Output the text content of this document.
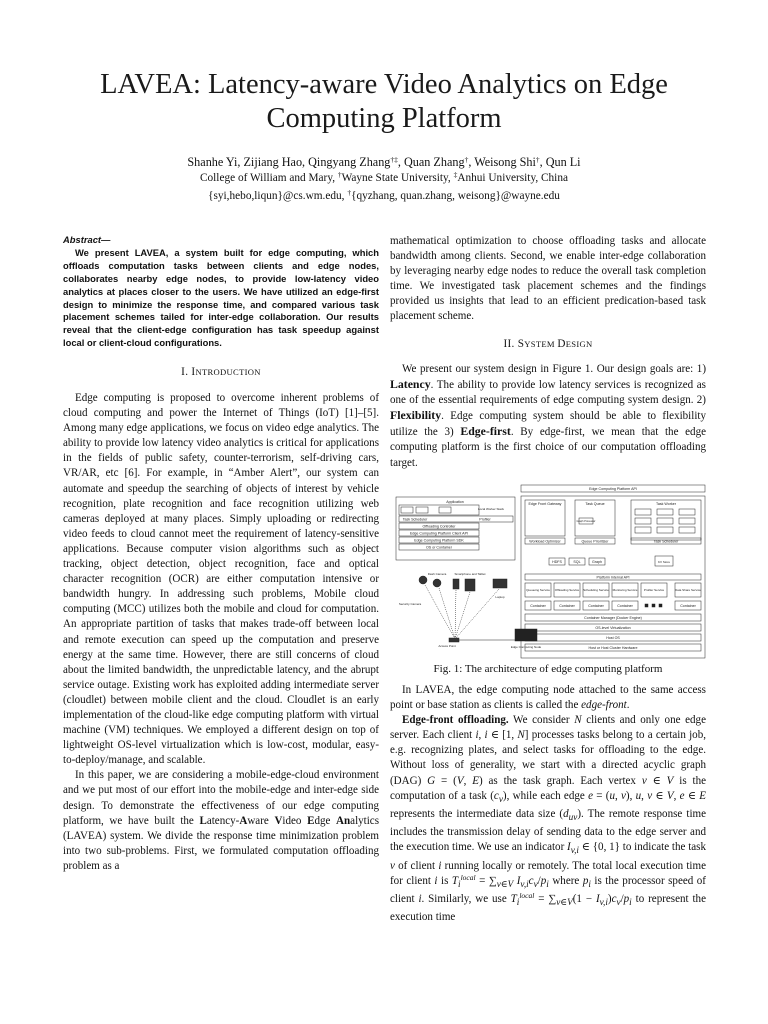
LAVEA: Latency-aware Video Analytics on Edge
Computing Platform
Shanhe Yi, Zijiang Hao, Qingyang Zhang†‡, Quan Zhang†, Weisong Shi†, Qun Li
College of William and Mary, †Wayne State University, ‡Anhui University, China
{syi,hebo,liqun}@cs.wm.edu, †{qyzhang, quan.zhang, weisong}@wayne.edu
Abstract—
We present LAVEA, a system built for edge computing, which offloads computation tasks between clients and edge nodes, collaborates nearby edge nodes, to provide low-latency video analytics at places closer to the users. We have utilized an edge-first design to minimize the response time, and compared various task placement schemes tailed for inter-edge collaboration. Our results reveal that the client-edge configuration has task speedup against local or client-cloud configurations.
I. INTRODUCTION

Edge computing is proposed to overcome inherent problems of cloud computing and power the Internet of Things (IoT) [1]–[5]. Among many edge applications, we focus on video edge analytics. The ability to provide low latency video analytics is critical for applications in the fields of public safety, counter-terrorism, self-driving cars, VR/AR, etc [6]. For example, in “Amber Alert”, our system can automate and speedup the searching of objects of interest by vehicle recognition, plate recognition and face recognition utilizing web cameras deployed at many places. Simply uploading or redirecting video feeds to cloud cannot meet the requirement of latency-sensitive applications. Because computer vision algorithms such as object tracking, object detection, object recognition, face and optical character recognition (OCR) are either computation intensive or bandwidth hungry. In addressing such problems, Mobile cloud computing (MCC) utilizes both the mobile and cloud for computation. An appropriate partition of tasks that makes trade-off between local and remote execution can speed up the computation and preserve energy at the same time. However, there are still concerns of cloud about the limited bandwidth, the unpredictable latency, and the abrupt service outage. Existing work has exploited adding intermediate server (cloudlet) between mobile client and the cloud. Cloudlet is an early implementation of the cloud-like edge computing platform with virtual machine (VM) techniques. We employed a different design on top of lightweight OS-level virtualization which is low-cost, modular, easy-to-deploy/manage, and scalable.

In this paper, we are considering a mobile-edge-cloud environment and we put most of our effort into the mobile-edge and inter-edge side design. To demonstrate the effectiveness of our edge computing platform, we have built the Latency-Aware Video Edge Analytics (LAVEA) system. We divide the response time minimization problem into two sub-problems. First, we formulated computation offloading problem as a

mathematical optimization to choose offloading tasks and allocate bandwidth among clients. Second, we enable inter-edge collaboration by leveraging nearby edge nodes to reduce the overall task completion time. We investigated task placement schemes and the findings provided us insights that lead to an efficient predication-based task placement scheme.

II. SYSTEM DESIGN

We present our system design in Figure 1. Our design goals are: 1) Latency. The ability to provide low latency services is recognized as one of the essential requirements of edge computing system design. 2) Flexibility. Edge computing system should be able to flexibility utilize the 3) Edge-first. By edge-first, we mean that the edge computing platform is the first choice of our computation offloading target.

Edge Computing Platform API
Application
Local Worker Stack
Task Scheduler	Profiler
Offloading Controller
Edge Computing Platform Client API
Edge Computing Platform SDK
OS or Container
Dash Camera	Smartphone and Tablet
Security Camera
Laptop
Access Point	Edge Computing Node
Edge Front Gateway
Workload Optimizer
Task Queue
Graph Processor
Queue Prioritizer
Task Worker
Task Scheduler
HDFS	SQL	Graph	KV Store
Platform Internal API
Queueing Service Offloading Service Scheduling Service Monitoring Service Profiler Service	Data Share Service
Container	Container	Container	Container	Container
Container Manager (Docker Engine)
OS-level Virtualization
Host OS
Host or Host Cluster Hardware
Fig. 1: The architecture of edge computing platform

In LAVEA, the edge computing node attached to the same access point or base station as clients is called the edge-front.

Edge-front offloading. We consider N clients and only one edge server. Each client i, i ∈ [1, N] processes tasks belong to a certain job, e.g. recognizing plates, and select tasks for offloading to the edge. Without loss of generality, we start with a directed acyclic graph (DAG) G = (V, E) as the task graph. Each vertex v ∈ V is the computation of a task $(c_v)$, while each edge e = (u, v), u, v ∈ V, e ∈ E represents the intermediate data size $(d_{uv})$. The remote response time includes the transmission delay of sending data to the edge server and the execution time. We use an indicator $I_{v,i}$ ∈ {0, 1} to indicate the task v of client i running locally or remotely. The total local execution time for client i is $T_i^{local} = \sum_{v\in V}$ $I_{v,i}c_v/p_i$ where $p_i$ is the processor speed of client i. Similarly, we use $T_i^{local} = \sum_{v\in V}(1 - I_{v,i})c_v/p_i$ to represent the execution time
